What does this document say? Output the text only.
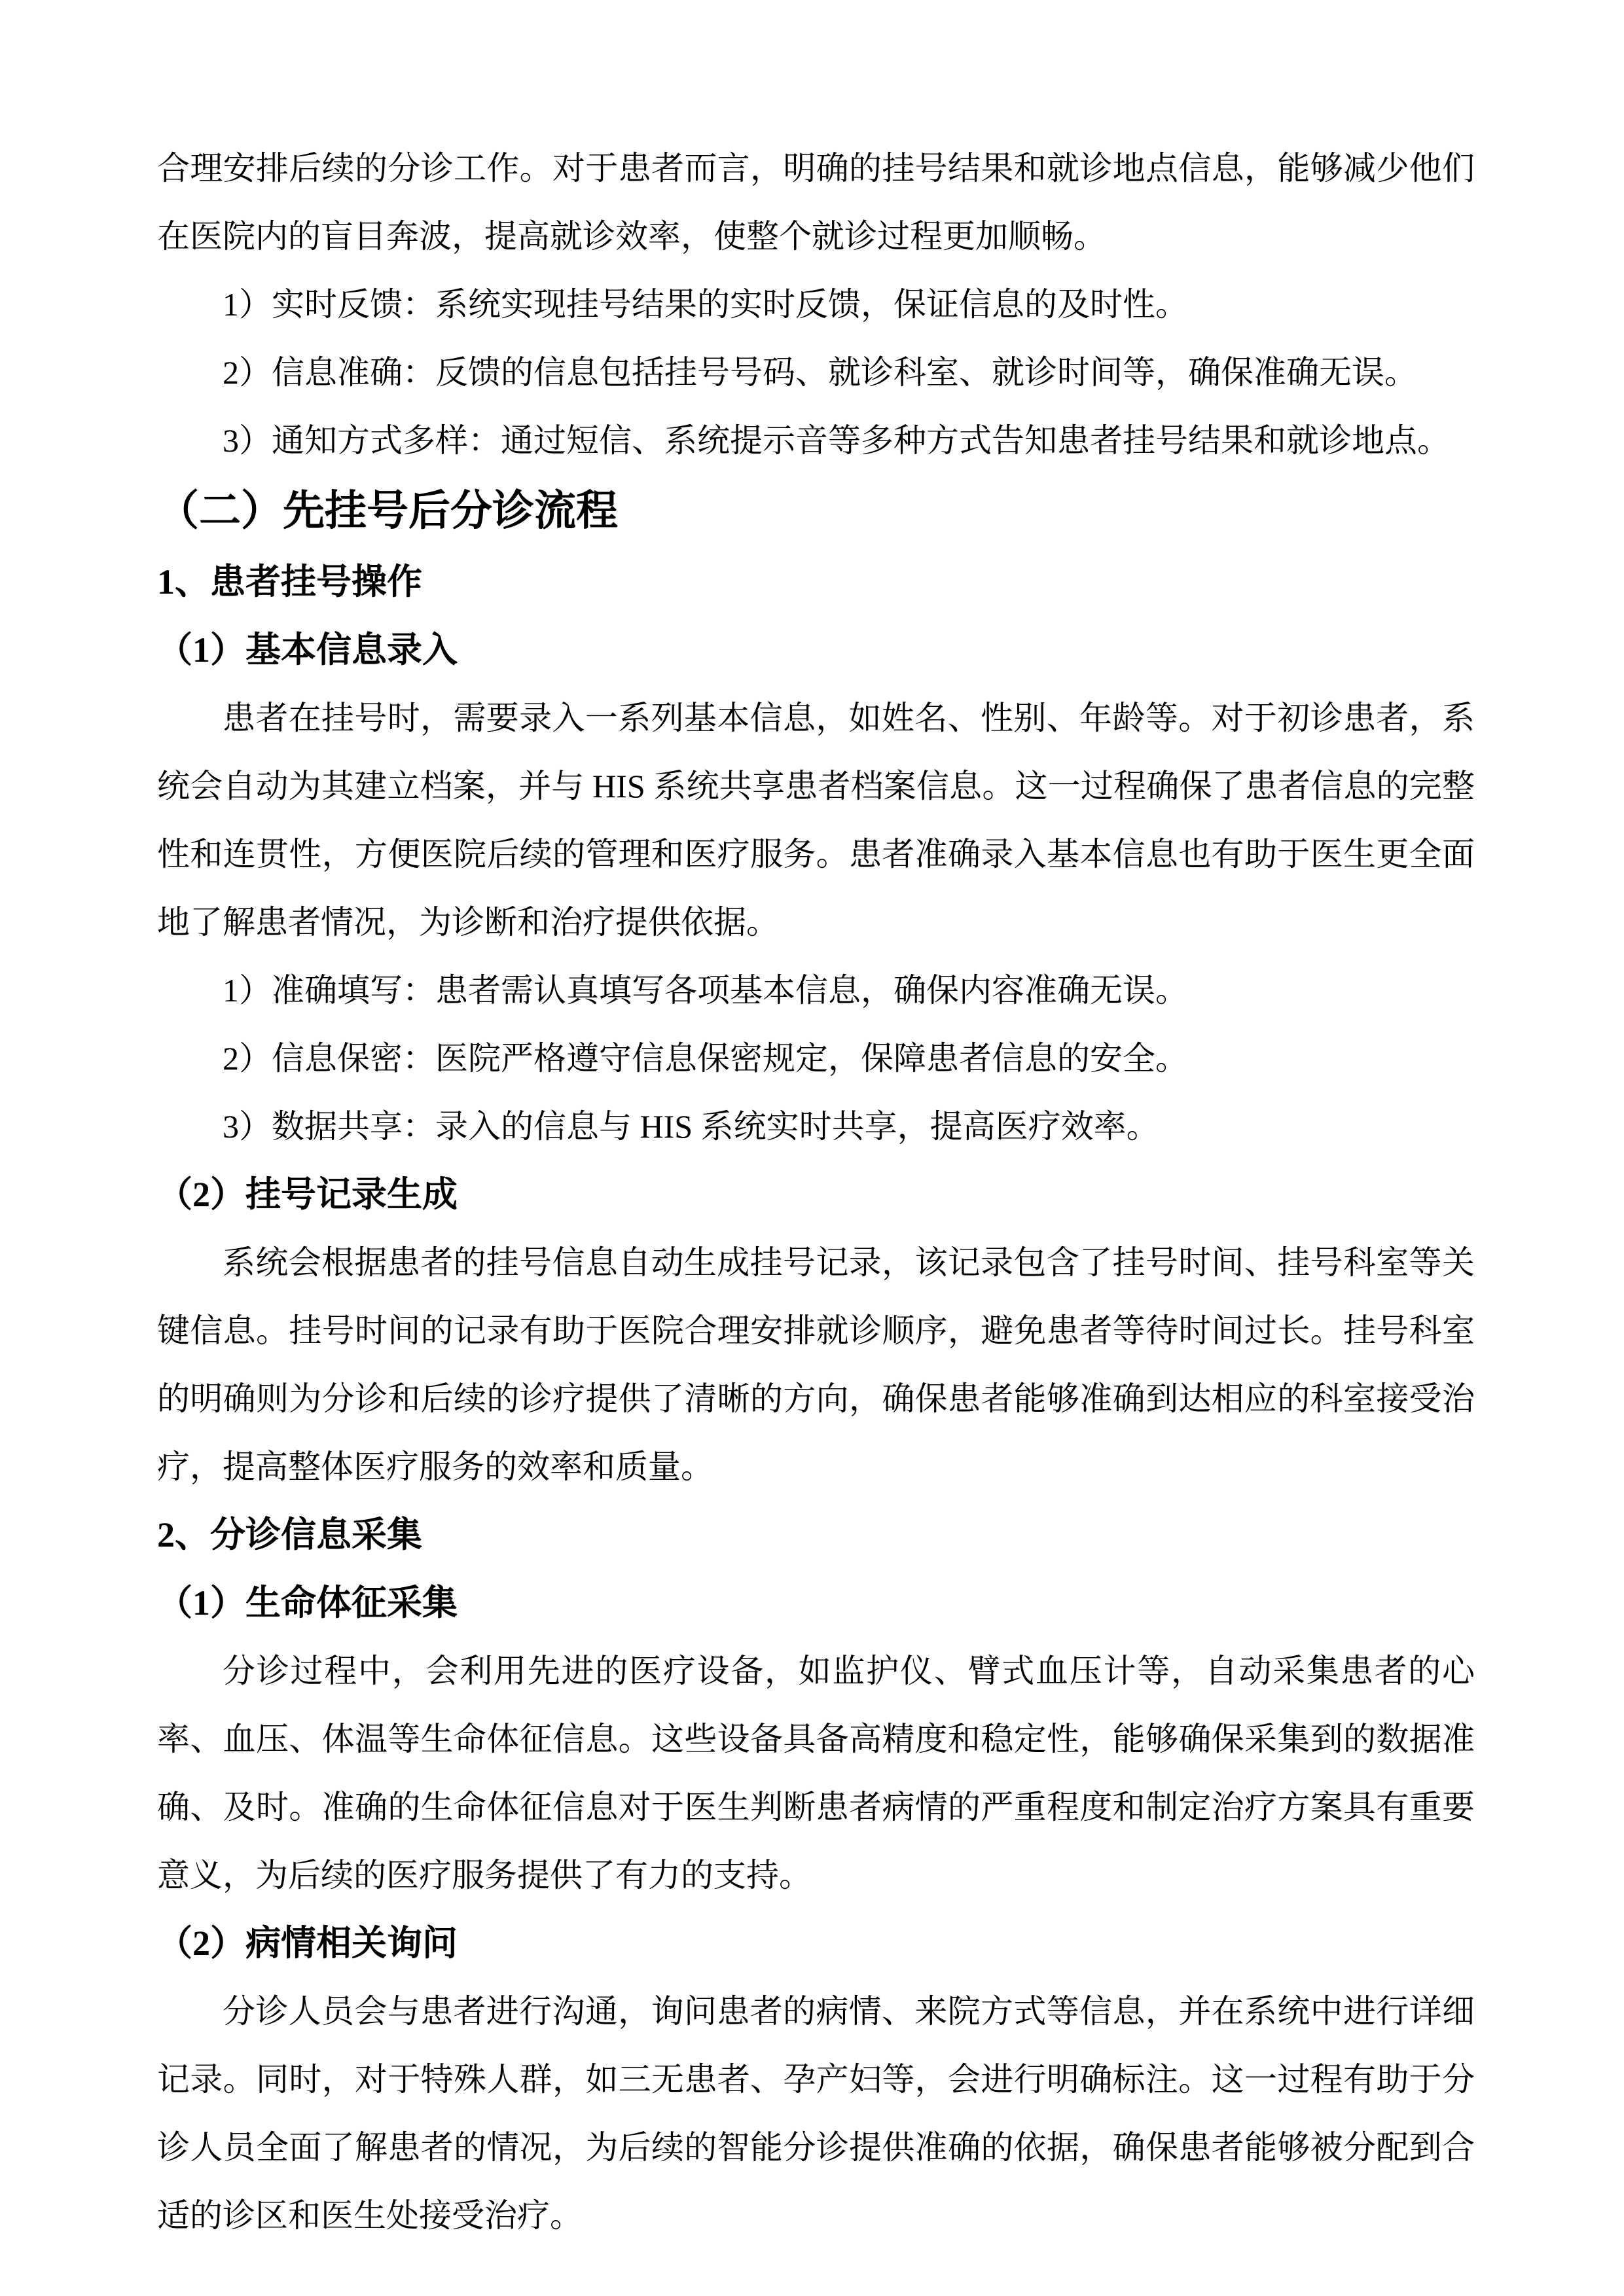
合理安排后续的分诊工作。对于患者而言，明确的挂号结果和就诊地点信息，能够减少他们在医院内的盲目奔波，提高就诊效率，使整个就诊过程更加顺畅。

1）实时反馈：系统实现挂号结果的实时反馈，保证信息的及时性。

2）信息准确：反馈的信息包括挂号号码、就诊科室、就诊时间等，确保准确无误。

3）通知方式多样：通过短信、系统提示音等多种方式告知患者挂号结果和就诊地点。

（二）先挂号后分诊流程
1、患者挂号操作
（1）基本信息录入

患者在挂号时，需要录入一系列基本信息，如姓名、性别、年龄等。对于初诊患者，系统会自动为其建立档案，并与 HIS 系统共享患者档案信息。这一过程确保了患者信息的完整性和连贯性，方便医院后续的管理和医疗服务。患者准确录入基本信息也有助于医生更全面地了解患者情况，为诊断和治疗提供依据。

1）准确填写：患者需认真填写各项基本信息，确保内容准确无误。

2）信息保密：医院严格遵守信息保密规定，保障患者信息的安全。

3）数据共享：录入的信息与 HIS 系统实时共享，提高医疗效率。

（2）挂号记录生成

系统会根据患者的挂号信息自动生成挂号记录，该记录包含了挂号时间、挂号科室等关键信息。挂号时间的记录有助于医院合理安排就诊顺序，避免患者等待时间过长。挂号科室的明确则为分诊和后续的诊疗提供了清晰的方向，确保患者能够准确到达相应的科室接受治疗，提高整体医疗服务的效率和质量。

2、分诊信息采集
（1）生命体征采集

分诊过程中，会利用先进的医疗设备，如监护仪、臂式血压计等，自动采集患者的心率、血压、体温等生命体征信息。这些设备具备高精度和稳定性，能够确保采集到的数据准确、及时。准确的生命体征信息对于医生判断患者病情的严重程度和制定治疗方案具有重要意义，为后续的医疗服务提供了有力的支持。

（2）病情相关询问

分诊人员会与患者进行沟通，询问患者的病情、来院方式等信息，并在系统中进行详细记录。同时，对于特殊人群，如三无患者、孕产妇等，会进行明确标注。这一过程有助于分诊人员全面了解患者的情况，为后续的智能分诊提供准确的依据，确保患者能够被分配到合适的诊区和医生处接受治疗。
